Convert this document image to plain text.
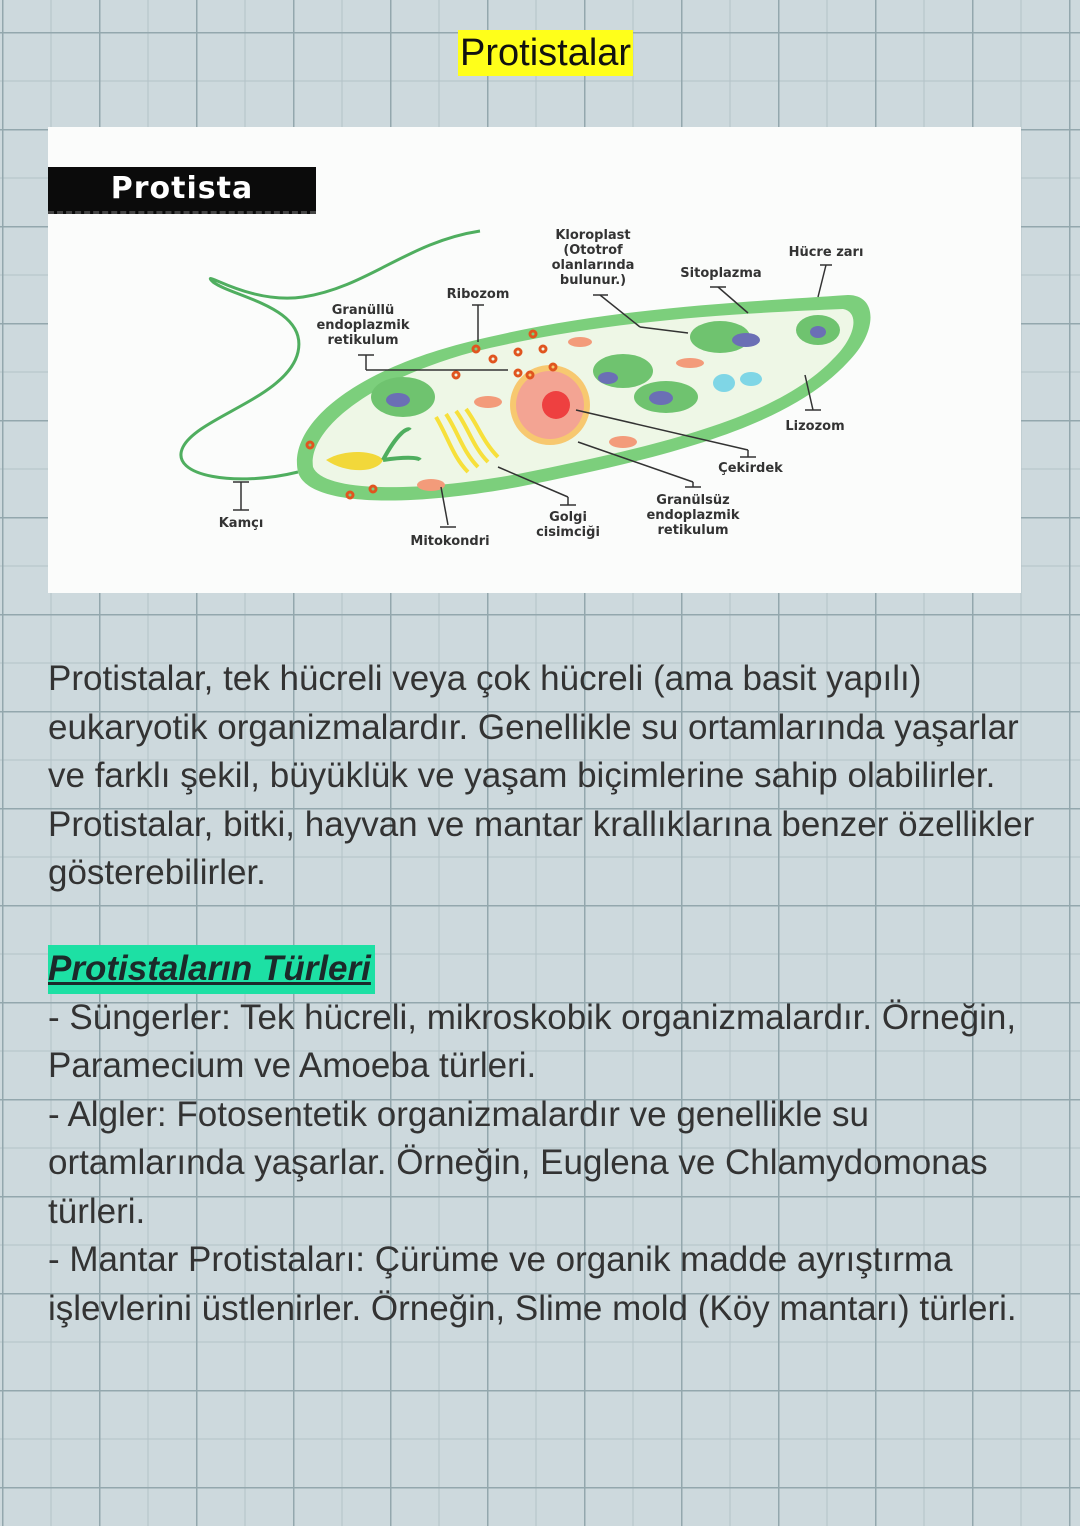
Protistalar
Protista
Kloroplast
(Ototrof
olanlarında
bulunur.)
Hücre zarı
Sitoplazma
Ribozom
Granüllü
endoplazmik
retikulum
Lizozom
Çekirdek
Granülsüz
endoplazmik
retikulum
Golgi
cisimciği
Mitokondri
Kamçı

Protistalar, tek hücreli veya çok hücreli (ama basit yapılı) eukaryotik organizmalardır. Genellikle su ortamlarında yaşarlar ve farklı şekil, büyüklük ve yaşam biçimlerine sahip olabilirler. Protistalar, bitki, hayvan ve mantar krallıklarına benzer özellikler gösterebilirler.

Protistaların Türleri
- Süngerler: Tek hücreli, mikroskobik organizmalardır. Örneğin, Paramecium ve Amoeba türleri.
- Algler: Fotosentetik organizmalardır ve genellikle su ortamlarında yaşarlar. Örneğin, Euglena ve Chlamydomonas türleri.
- Mantar Protistaları: Çürüme ve organik madde ayrıştırma işlevlerini üstlenirler. Örneğin, Slime mold (Köy mantarı) türleri.
